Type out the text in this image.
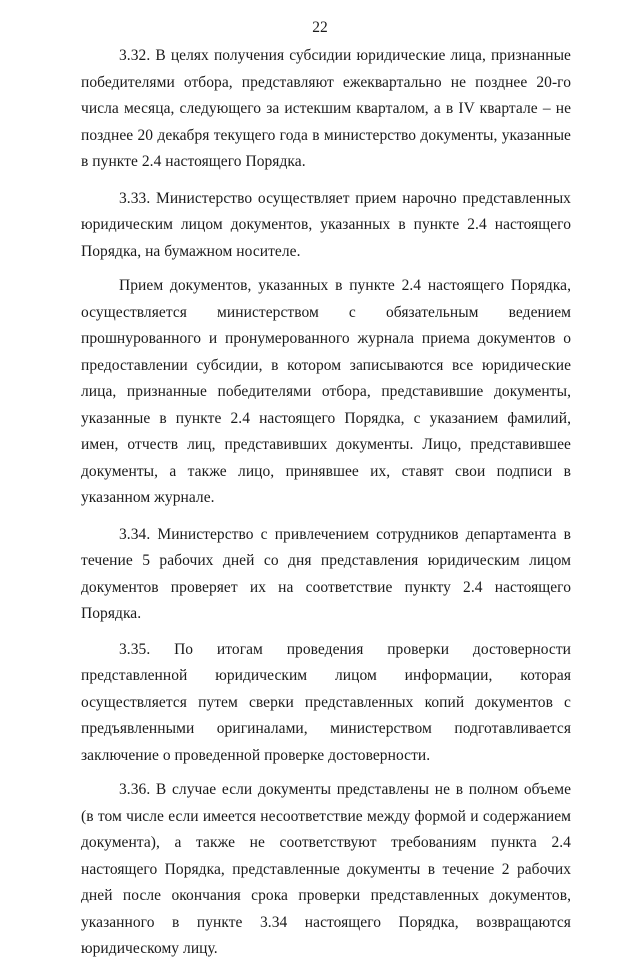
22

3.32. В целях получения субсидии юридические лица, признанные победителями отбора, представляют ежеквартально не позднее 20-го числа месяца, следующего за истекшим кварталом, а в IV квартале – не позднее 20 декабря текущего года в министерство документы, указанные в пункте 2.4 настоящего Порядка.

3.33. Министерство осуществляет прием нарочно представленных юридическим лицом документов, указанных в пункте 2.4 настоящего Порядка, на бумажном носителе.

Прием документов, указанных в пункте 2.4 настоящего Порядка, осуществляется министерством с обязательным ведением прошнурованного и пронумерованного журнала приема документов о предоставлении субсидии, в котором записываются все юридические лица, признанные победителями отбора, представившие документы, указанные в пункте 2.4 настоящего Порядка, с указанием фамилий, имен, отчеств лиц, представивших документы. Лицо, представившее документы, а также лицо, принявшее их, ставят свои подписи в указанном журнале.

3.34. Министерство с привлечением сотрудников департамента в течение 5 рабочих дней со дня представления юридическим лицом документов проверяет их на соответствие пункту 2.4 настоящего Порядка.

3.35. По итогам проведения проверки достоверности представленной юридическим лицом информации, которая осуществляется путем сверки представленных копий документов с предъявленными оригиналами, министерством подготавливается заключение о проведенной проверке достоверности.

3.36. В случае если документы представлены не в полном объеме (в том числе если имеется несоответствие между формой и содержанием документа), а также не соответствуют требованиям пункта 2.4 настоящего Порядка, представленные документы в течение 2 рабочих дней после окончания срока проверки представленных документов, указанного в пункте 3.34 настоящего Порядка, возвращаются юридическому лицу.
